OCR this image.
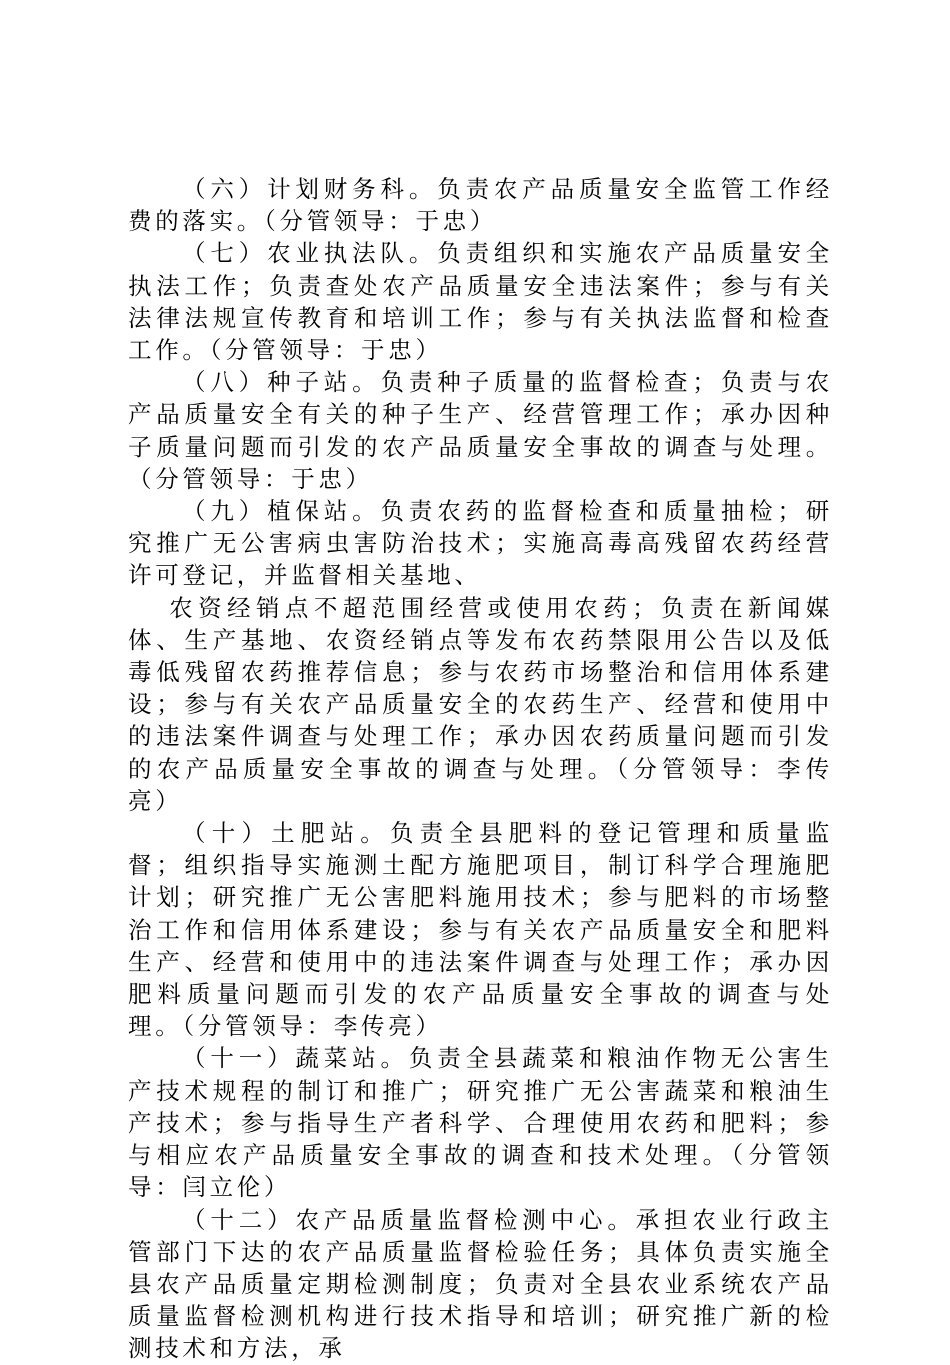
（六）计划财务科。负责农产品质量安全监管工作经费的落实。（分管领导：于忠）

（七）农业执法队。负责组织和实施农产品质量安全执法工作；负责查处农产品质量安全违法案件；参与有关法律法规宣传教育和培训工作；参与有关执法监督和检查工作。（分管领导：于忠）

（八）种子站。负责种子质量的监督检查；负责与农产品质量安全有关的种子生产、经营管理工作；承办因种子质量问题而引发的农产品质量安全事故的调查与处理。（分管领导：于忠）

（九）植保站。负责农药的监督检查和质量抽检；研究推广无公害病虫害防治技术；实施高毒高残留农药经营许可登记，并监督相关基地、

农资经销点不超范围经营或使用农药；负责在新闻媒体、生产基地、农资经销点等发布农药禁限用公告以及低毒低残留农药推荐信息；参与农药市场整治和信用体系建设；参与有关农产品质量安全的农药生产、经营和使用中的违法案件调查与处理工作；承办因农药质量问题而引发的农产品质量安全事故的调查与处理。（分管领导：李传亮）

（十）土肥站。负责全县肥料的登记管理和质量监督；组织指导实施测土配方施肥项目，制订科学合理施肥计划；研究推广无公害肥料施用技术；参与肥料的市场整治工作和信用体系建设；参与有关农产品质量安全和肥料生产、经营和使用中的违法案件调查与处理工作；承办因肥料质量问题而引发的农产品质量安全事故的调查与处理。（分管领导：李传亮）

（十一）蔬菜站。负责全县蔬菜和粮油作物无公害生产技术规程的制订和推广；研究推广无公害蔬菜和粮油生产技术；参与指导生产者科学、合理使用农药和肥料；参与相应农产品质量安全事故的调查和技术处理。（分管领导：闫立伦）

（十二）农产品质量监督检测中心。承担农业行政主管部门下达的农产品质量监督检验任务；具体负责实施全县农产品质量定期检测制度；负责对全县农业系统农产品质量监督检测机构进行技术指导和培训；研究推广新的检测技术和方法，承
